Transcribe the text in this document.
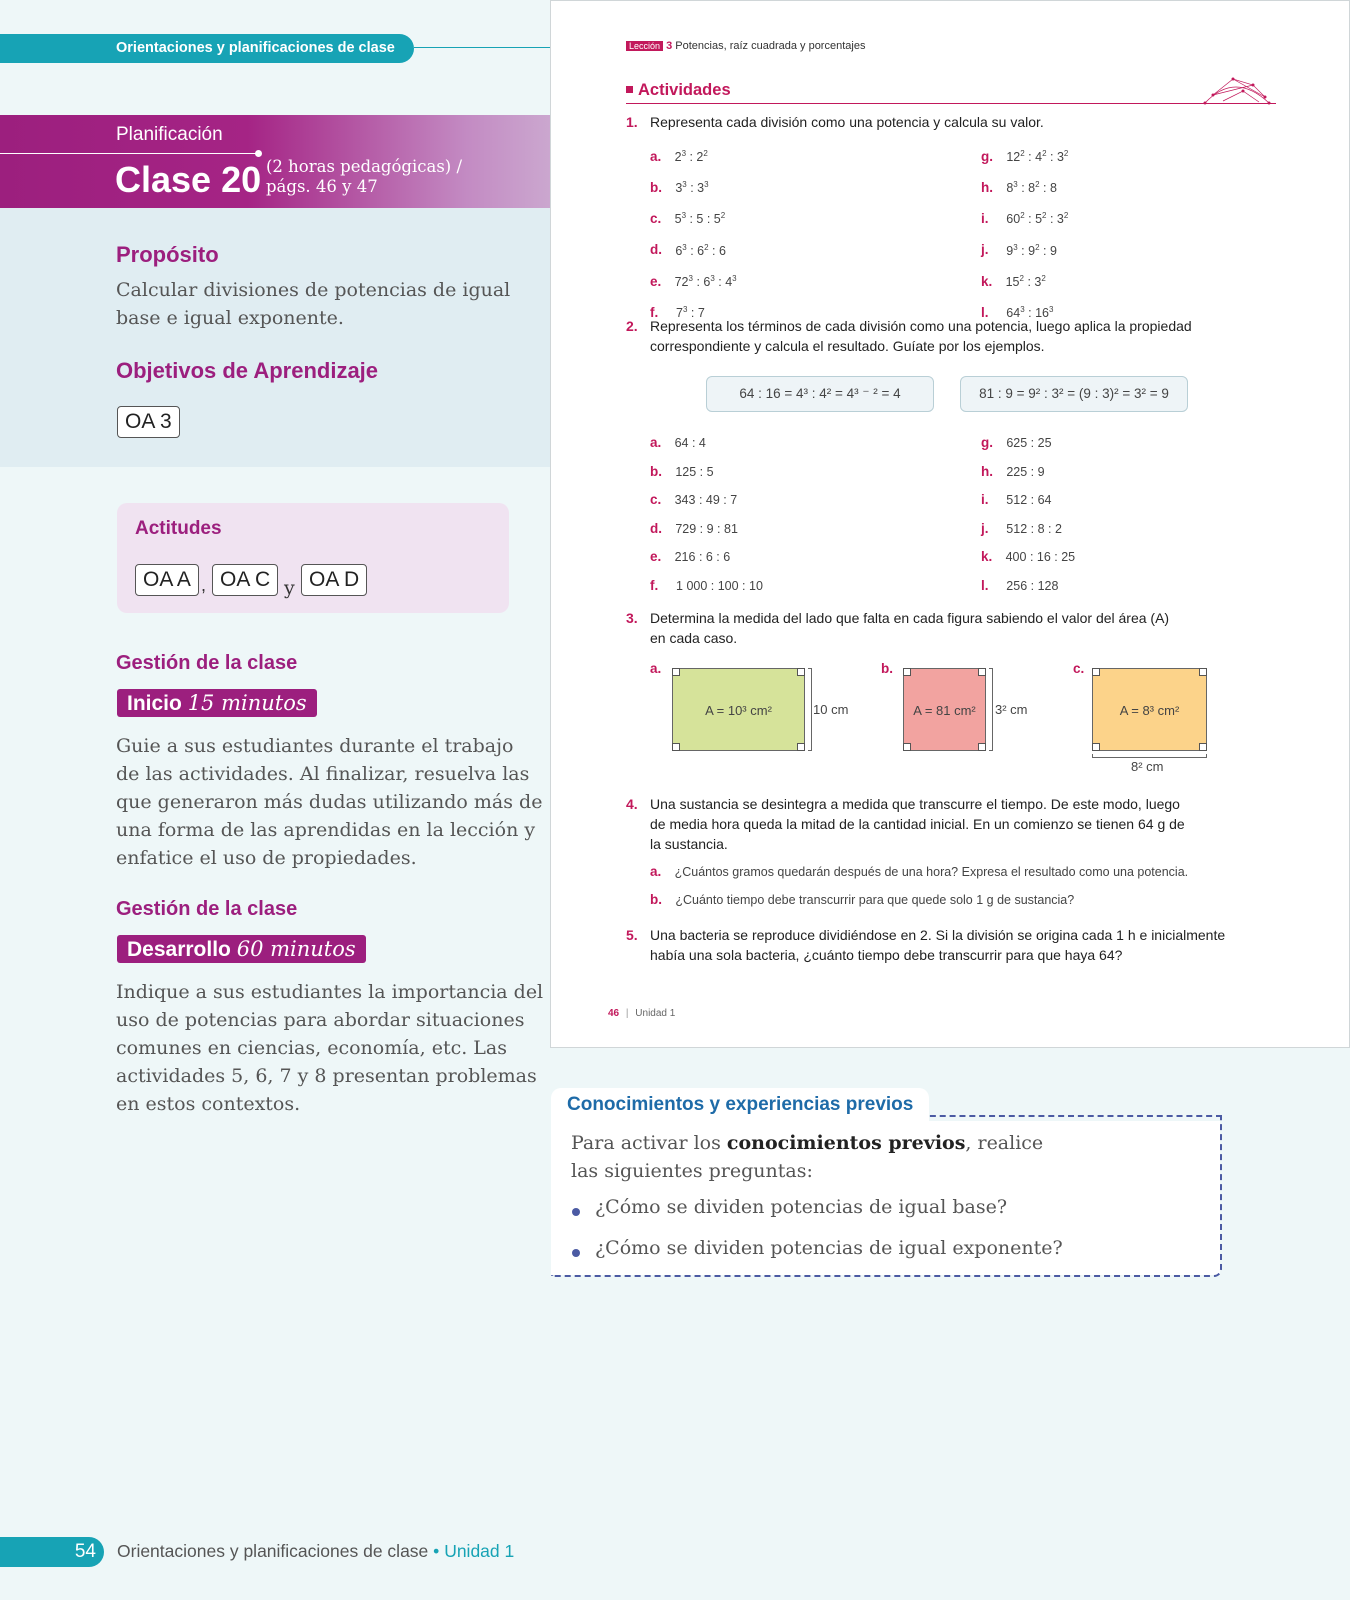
Orientaciones y planificaciones de clase
Planificación
Clase 20 (2 horas pedagógicas) /
págs. 46 y 47
Propósito
Calcular divisiones de potencias de igual
base e igual exponente.
Objetivos de Aprendizaje
OA 3
Actitudes
OA A , OA C y OA D
Gestión de la clase
Inicio 15 minutos
Guie a sus estudiantes durante el trabajo
de las actividades. Al finalizar, resuelva las
que generaron más dudas utilizando más de
una forma de las aprendidas en la lección y
enfatice el uso de propiedades.
Gestión de la clase
Desarrollo 60 minutos
Indique a sus estudiantes la importancia del
uso de potencias para abordar situaciones
comunes en ciencias, economía, etc. Las
actividades 5, 6, 7 y 8 presentan problemas
en estos contextos.
Lección 3 Potencias, raíz cuadrada y porcentajes
Actividades
1. Representa cada división como una potencia y calcula su valor.
a. $2^3$ : $2^2$
b. $3^3$ : $3^3$
c. $5^3$ : 5 : $5^2$
d. $6^3$ : $6^2$ : 6
e. $72^3$ : $6^3$ : $4^3$
f. $7^3$ : 7
g. $12^2$ : $4^2$ : $3^2$
h. $8^3$ : $8^2$ : 8
i. $60^2$ : $5^2$ : $3^2$
j. $9^3$ : $9^2$ : 9
k. $15^2$ : $3^2$
l. $64^3$ : $16^3$
2. Representa los términos de cada división como una potencia, luego aplica la propiedad
correspondiente y calcula el resultado. Guíate por los ejemplos.
64 : 16 = 4³ : 4² = 4³ ⁻ ² = 4	81 : 9 = 9² : 3² = (9 : 3)² = 3² = 9
a. 64 : 4
b. 125 : 5
c. 343 : 49 : 7
d. 729 : 9 : 81
e. 216 : 6 : 6
f. 1 000 : 100 : 10
g. 625 : 25
h. 225 : 9
i. 512 : 64
j. 512 : 8 : 2
k. 400 : 16 : 25
l. 256 : 128
3. Determina la medida del lado que falta en cada figura sabiendo el valor del área (A)
en cada caso.
a.
A = 10³ cm²	10 cm
b.
A = 81 cm²	3² cm
c.
A = 8³ cm²
8² cm
4. Una sustancia se desintegra a medida que transcurre el tiempo. De este modo, luego
de media hora queda la mitad de la cantidad inicial. En un comienzo se tienen 64 g de
la sustancia.
a. ¿Cuántos gramos quedarán después de una hora? Expresa el resultado como una potencia.
b. ¿Cuánto tiempo debe transcurrir para que quede solo 1 g de sustancia?
5. Una bacteria se reproduce dividiéndose en 2. Si la división se origina cada 1 h e inicialmente
había una sola bacteria, ¿cuánto tiempo debe transcurrir para que haya 64?
46 | Unidad 1
Para activar los conocimientos previos, realice
las siguientes preguntas:
¿Cómo se dividen potencias de igual base?
¿Cómo se dividen potencias de igual exponente?
Conocimientos y experiencias previos
54	Orientaciones y planificaciones de clase • Unidad 1
